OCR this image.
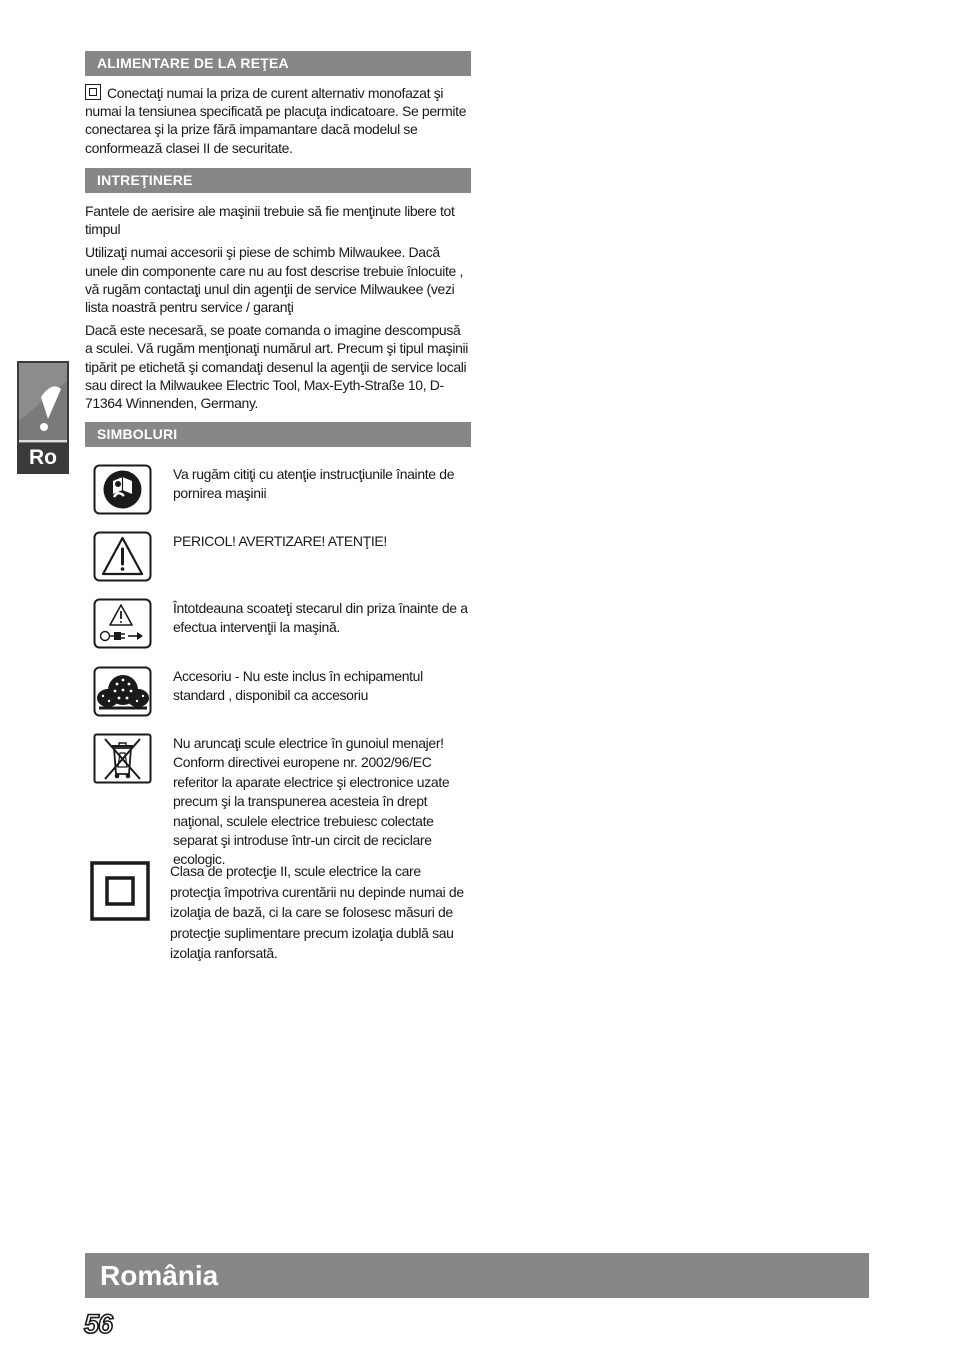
ALIMENTARE DE LA REŢEA

Conectaţi numai la priza de curent alternativ monofazat şi numai la tensiunea specificată pe placuţa indicatoare. Se permite conectarea şi la prize fără impamantare dacă modelul se conformează clasei II de securitate.

INTREŢINERE

Fantele de aerisire ale maşinii trebuie să fie menţinute libere tot timpul

Utilizaţi numai accesorii şi piese de schimb Milwaukee. Dacă unele din componente care nu au fost descrise trebuie înlocuite , vă rugăm contactaţi unul din agenţii de service Milwaukee (vezi lista noastră pentru service / garanţi

Dacă este necesară, se poate comanda o imagine descompusă a sculei. Vă rugăm menţionaţi numărul art. Precum şi tipul maşinii tipărit pe etichetă şi comandaţi desenul la agenţii de service locali sau direct la Milwaukee Electric Tool, Max-Eyth-Straße 10, D-71364 Winnenden, Germany.

SIMBOLURI
Va rugăm citiţi cu atenţie instrucţiunile înainte de pornirea maşinii
PERICOL! AVERTIZARE! ATENŢIE!
Întotdeauna scoateţi stecarul din priza înainte de a efectua intervenţii la maşină.
Accesoriu - Nu este inclus în echipamentul standard , disponibil ca accesoriu
Nu aruncaţi scule electrice în gunoiul menajer! Conform directivei europene nr. 2002/96/EC referitor la aparate electrice şi electronice uzate precum şi la transpunerea acesteia în drept naţional, sculele electrice trebuiesc colectate separat şi introduse într-un circit de reciclare ecologic.
Clasa de protecţie II, scule electrice la care protecţia împotriva curentării nu depinde numai de izolaţia de bază, ci la care se folosesc măsuri de protecţie suplimentare precum izolaţia dublă sau izolaţia ranforsată.
Ro
România
56
